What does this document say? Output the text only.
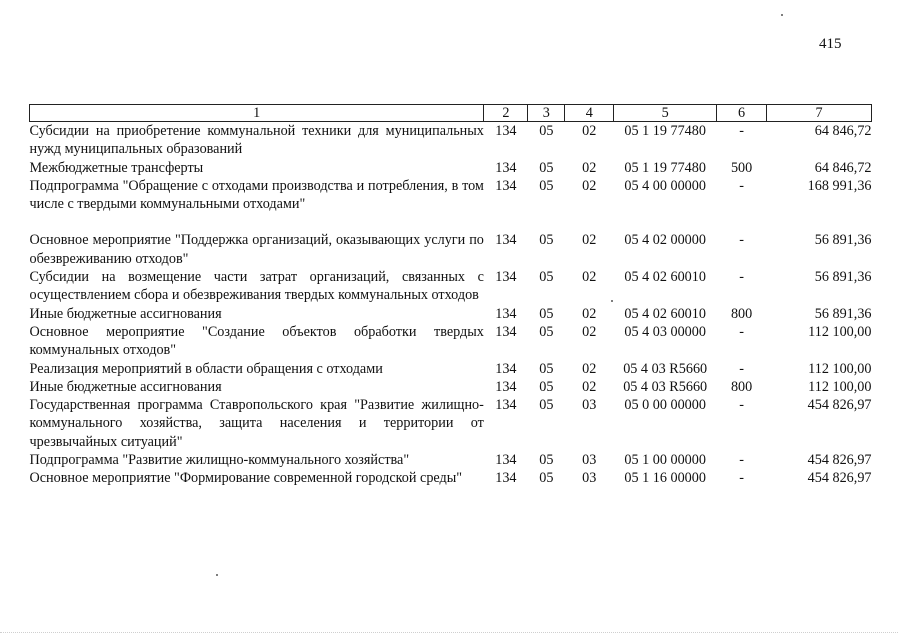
415
1	2	3	4	5	6	7
Субсидии на приобретение коммунальной техники для муниципальных нужд муниципальных образований	134	05	02	05 1 19 77480	-	64 846,72
Межбюджетные трансферты	134	05	02	05 1 19 77480	500	64 846,72
Подпрограмма "Обращение с отходами производства и потребления, в том числе с твердыми коммунальными отходами"	134	05	02	05 4 00 00000	-	168 991,36
Основное мероприятие "Поддержка организаций, оказывающих услуги по обезвреживанию отходов"	134	05	02	05 4 02 00000	-	56 891,36
Субсидии на возмещение части затрат организаций, связанных с осуществлением сбора и обезвреживания твердых коммунальных отходов	134	05	02	05 4 02 60010	-	56 891,36
Иные бюджетные ассигнования	134	05	02	05 4 02 60010	800	56 891,36
Основное мероприятие "Создание объектов обработки твердых коммунальных отходов"	134	05	02	05 4 03 00000	-	112 100,00
Реализация мероприятий в области обращения с отходами	134	05	02	05 4 03 R5660	-	112 100,00
Иные бюджетные ассигнования	134	05	02	05 4 03 R5660	800	112 100,00
Государственная программа Ставропольского края "Развитие жилищно-коммунального хозяйства, защита населения и территории от чрезвычайных ситуаций"	134	05	03	05 0 00 00000	-	454 826,97
Подпрограмма "Развитие жилищно-коммунального хозяйства"	134	05	03	05 1 00 00000	-	454 826,97
Основное мероприятие "Формирование современной городской среды"	134	05	03	05 1 16 00000	-	454 826,97
